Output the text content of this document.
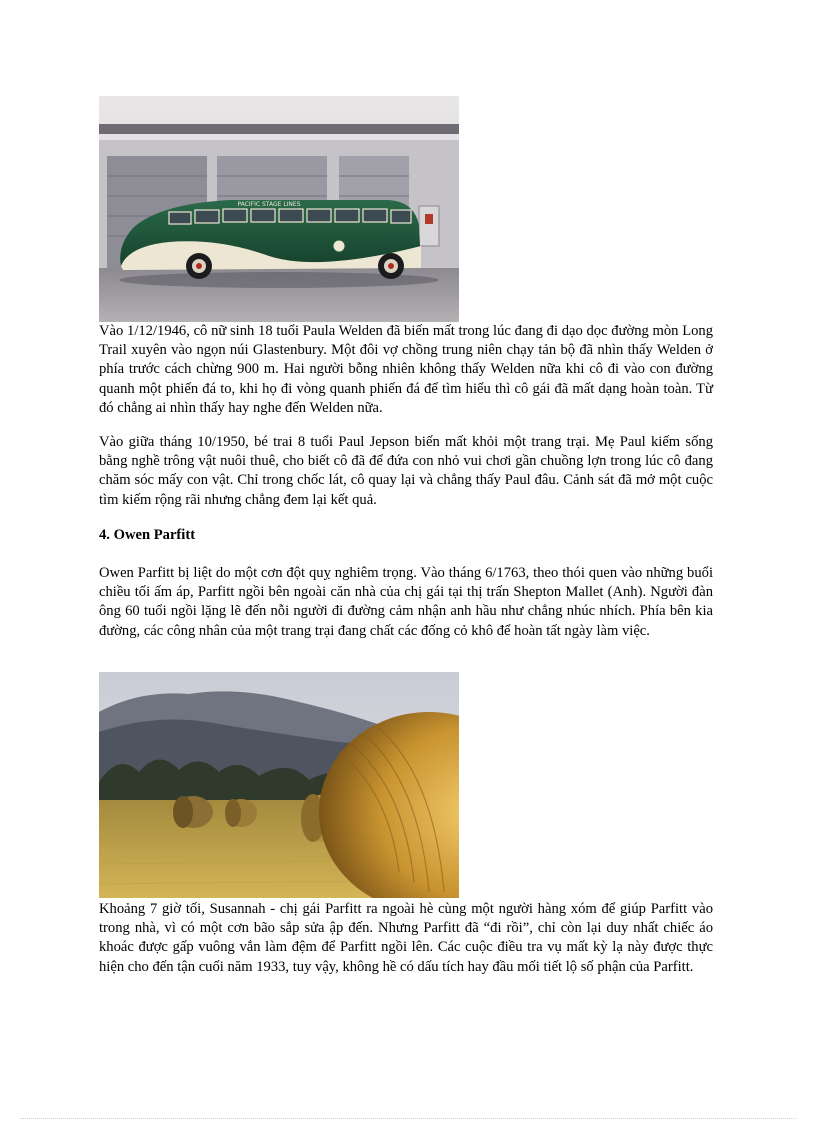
PACIFIC STAGE LINES

Vào 1/12/1946, cô nữ sinh 18 tuổi Paula Welden đã biến mất trong lúc đang đi dạo dọc đường mòn Long Trail xuyên vào ngọn núi Glastenbury. Một đôi vợ chồng trung niên chạy tản bộ đã nhìn thấy Welden ở phía trước cách chừng 900 m. Hai người bỗng nhiên không thấy Welden nữa khi cô đi vào con đường quanh một phiến đá to, khi họ đi vòng quanh phiến đá để tìm hiểu thì cô gái đã mất dạng hoàn toàn. Từ đó chẳng ai nhìn thấy hay nghe đến Welden nữa.

Vào giữa tháng 10/1950, bé trai 8 tuổi Paul Jepson biến mất khỏi một trang trại. Mẹ Paul kiếm sống bằng nghề trông vật nuôi thuê, cho biết cô đã để đứa con nhỏ vui chơi gần chuồng lợn trong lúc cô đang chăm sóc mấy con vật. Chỉ trong chốc lát, cô quay lại và chẳng thấy Paul đâu. Cảnh sát đã mở một cuộc tìm kiếm rộng rãi nhưng chẳng đem lại kết quả.

4. Owen Parfitt

Owen Parfitt bị liệt do một cơn đột quỵ nghiêm trọng. Vào tháng 6/1763, theo thói quen vào những buổi chiều tối ấm áp, Parfitt ngồi bên ngoài căn nhà của chị gái tại thị trấn Shepton Mallet (Anh). Người đàn ông 60 tuổi ngồi lặng lẽ đến nỗi người đi đường cảm nhận anh hầu như chẳng nhúc nhích. Phía bên kia đường, các công nhân của một trang trại đang chất các đống cỏ khô để hoàn tất ngày làm việc.

Khoảng 7 giờ tối, Susannah - chị gái Parfitt ra ngoài hè cùng một người hàng xóm để giúp Parfitt vào trong nhà, vì có một cơn bão sắp sửa ập đến. Nhưng Parfitt đã “đi rồi”, chỉ còn lại duy nhất chiếc áo khoác được gấp vuông vắn làm đệm để Parfitt ngồi lên. Các cuộc điều tra vụ mất kỳ lạ này được thực hiện cho đến tận cuối năm 1933, tuy vậy, không hề có dấu tích hay đầu mối tiết lộ số phận của Parfitt.
